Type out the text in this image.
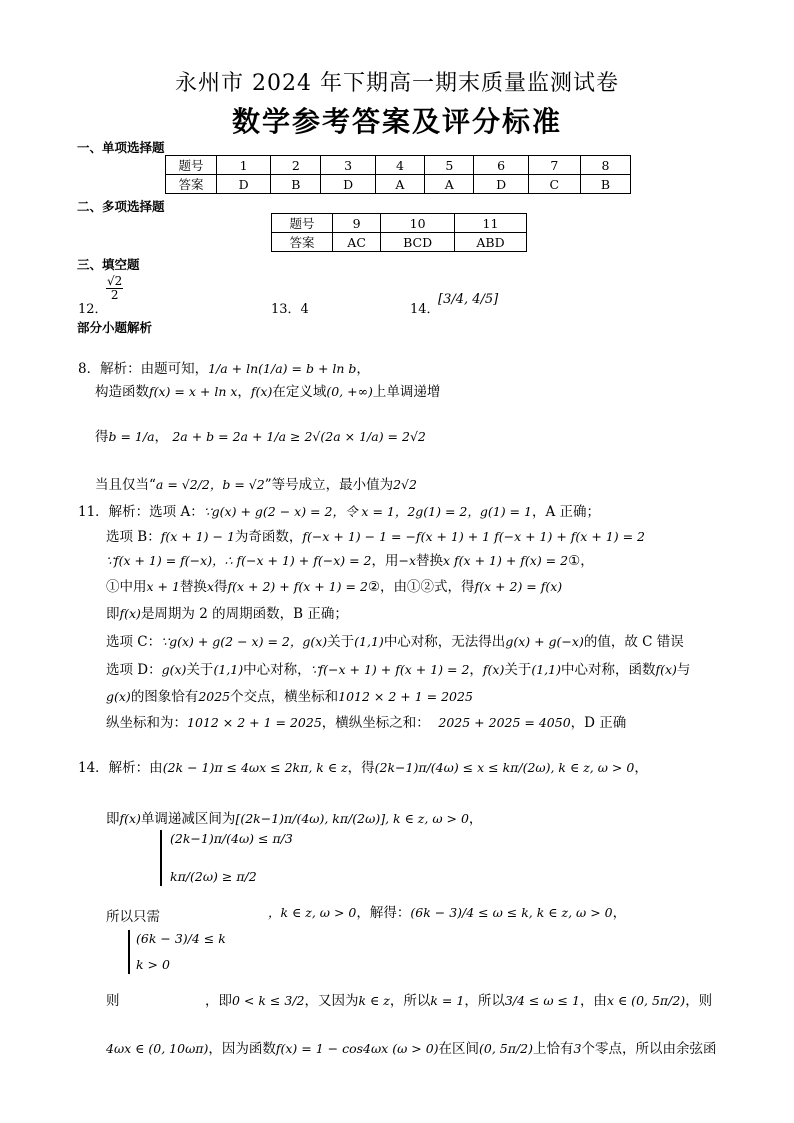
永州市 2024 年下期高一期末质量监测试卷
数学参考答案及评分标准
一、单项选择题
题号	1	2	3	4	5	6	7	8
答案	D	B	D	A	A	D	C	B
二、多项选择题
题号	9	10	11
答案	AC	BCD	ABD
三、填空题
12．
$\frac{√2}{2}$
13．4	14．
[3/4, 4/5]
部分小题解析
8．解析：由题可知，1/a + ln(1/a) = b + ln b，
构造函数f(x) = x + ln x，f(x)在定义域(0, +∞)上单调递增
得b = 1/a， 2a + b = 2a + 1/a ≥ 2√(2a × 1/a) = 2√2
当且仅当“a = √2/2，b = √2”等号成立，最小值为2√2
11．解析：选项 A：∵g(x) + g(2 − x) = 2，令 x = 1，2g(1) = 2，g(1) = 1，A 正确；
选项 B：f(x + 1) − 1为奇函数，f(−x + 1) − 1 = −f(x + 1) + 1 f(−x + 1) + f(x + 1) = 2
∵f(x + 1) = f(−x)，∴ f(−x + 1) + f(−x) = 2，用−x替换x f(x + 1) + f(x) = 2①，
①中用x + 1替换x得f(x + 2) + f(x + 1) = 2②，由①②式，得f(x + 2) = f(x)
即f(x)是周期为 2 的周期函数，B 正确；
选项 C：∵g(x) + g(2 − x) = 2，g(x)关于(1,1)中心对称，无法得出g(x) + g(−x)的值，故 C 错误
选项 D：g(x)关于(1,1)中心对称，∵f(−x + 1) + f(x + 1) = 2，f(x)关于(1,1)中心对称，函数f(x)与
g(x)的图象恰有2025个交点，横坐标和1012 × 2 + 1 = 2025
纵坐标和为：1012 × 2 + 1 = 2025，横纵坐标之和： 2025 + 2025 = 4050，D 正确
14．解析：由(2k − 1)π ≤ 4ωx ≤ 2kπ, k ∈ z，得(2k−1)π/(4ω) ≤ x ≤ kπ/(2ω), k ∈ z, ω > 0，
即f(x)单调递减区间为[(2k−1)π/(4ω), kπ/(2ω)], k ∈ z, ω > 0，
(2k−1)π/(4ω) ≤ π/3
kπ/(2ω) ≥ π/2
所以只需	，k ∈ z, ω > 0，解得：(6k − 3)/4 ≤ ω ≤ k, k ∈ z, ω > 0，
(6k − 3)/4 ≤ k
k > 0
则	，即0 < k ≤ 3/2，又因为k ∈ z，所以k = 1，所以3/4 ≤ ω ≤ 1，由x ∈ (0, 5π/2)，则
4ωx ∈ (0, 10ωπ)，因为函数f(x) = 1 − cos4ωx (ω > 0)在区间(0, 5π/2)上恰有3个零点，所以由余弦函
